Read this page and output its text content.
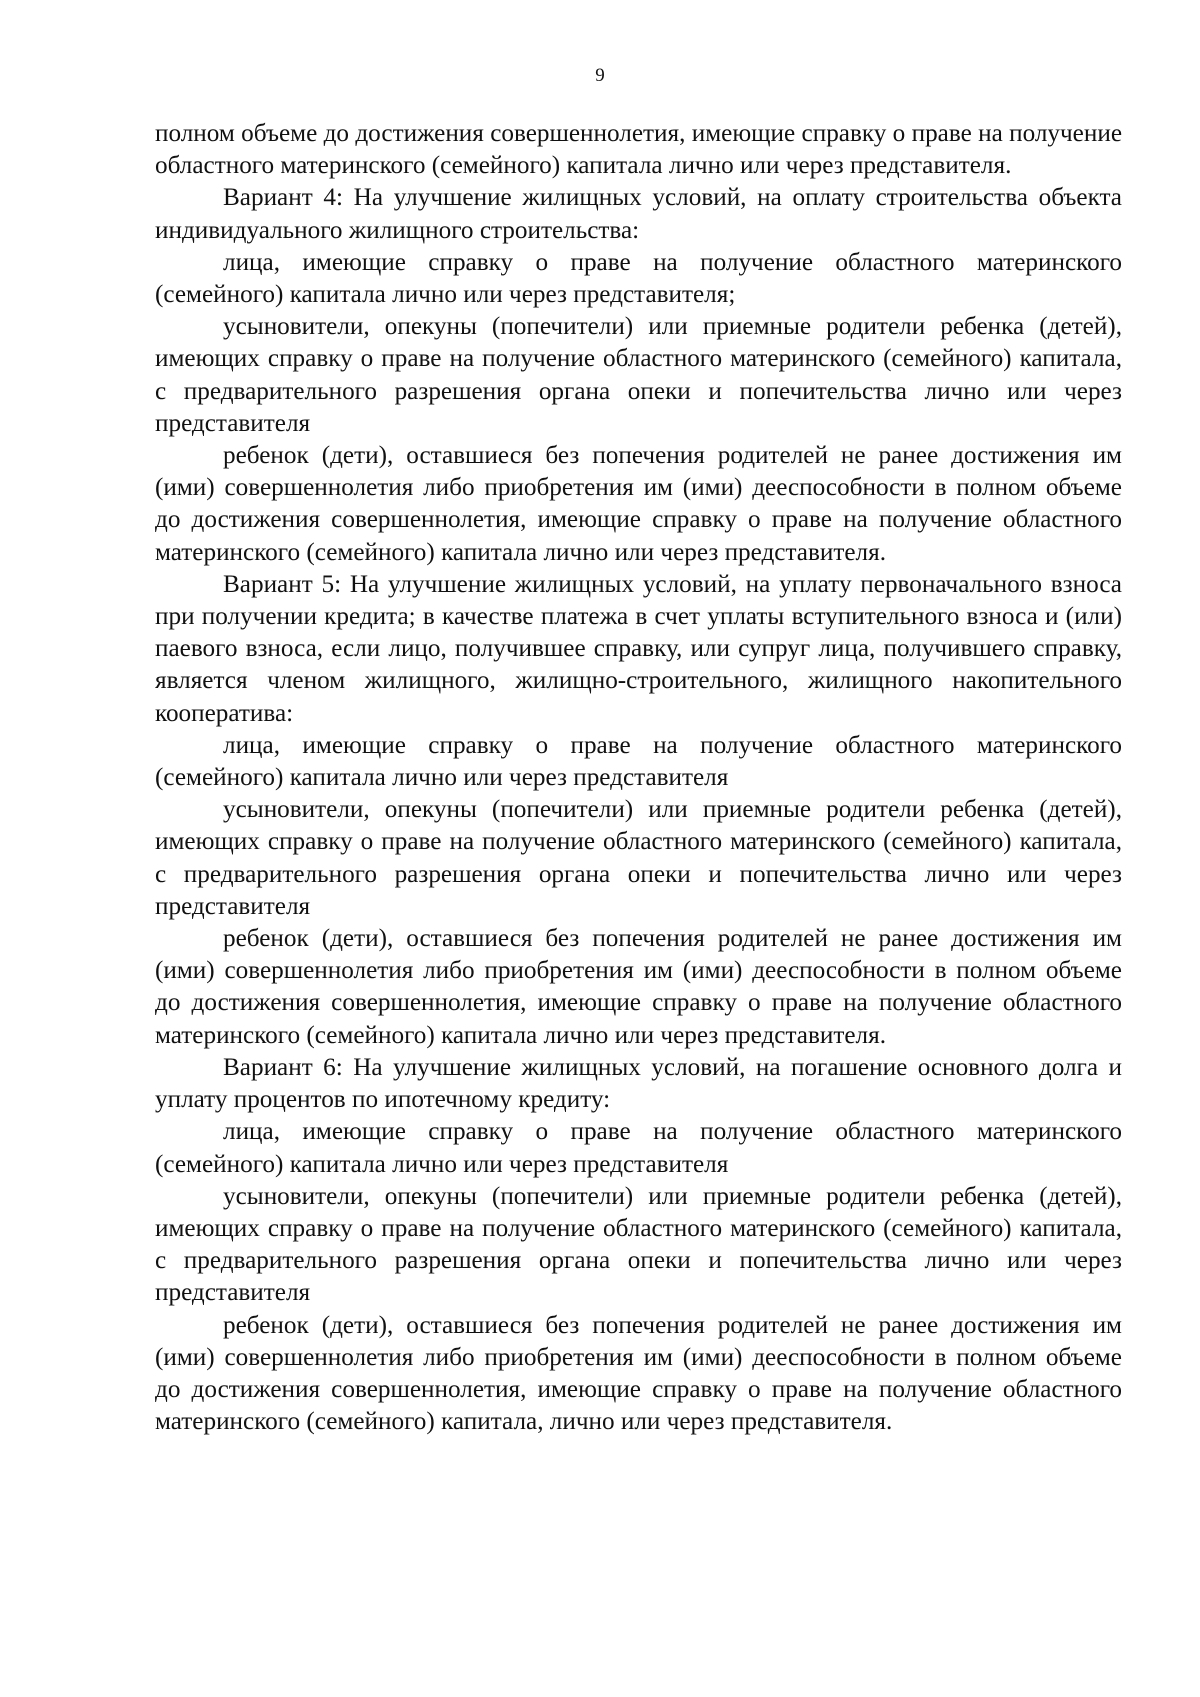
9

полном объеме до достижения совершеннолетия, имеющие справку о праве на получение областного материнского (семейного) капитала лично или через представителя.

Вариант 4: На улучшение жилищных условий, на оплату строительства объекта индивидуального жилищного строительства:

лица, имеющие справку о праве на получение областного материнского (семейного) капитала лично или через представителя;

усыновители, опекуны (попечители) или приемные родители ребенка (детей), имеющих справку о праве на получение областного материнского (семейного) капитала, с предварительного разрешения органа опеки и попечительства лично или через представителя

ребенок (дети), оставшиеся без попечения родителей не ранее достижения им (ими) совершеннолетия либо приобретения им (ими) дееспособности в полном объеме до достижения совершеннолетия, имеющие справку о праве на получение областного материнского (семейного) капитала лично или через представителя.

Вариант 5: На улучшение жилищных условий, на уплату первоначального взноса при получении кредита; в качестве платежа в счет уплаты вступительного взноса и (или) паевого взноса, если лицо, получившее справку, или супруг лица, получившего справку, является членом жилищного, жилищно-строительного, жилищного накопительного кооператива:

лица, имеющие справку о праве на получение областного материнского (семейного) капитала лично или через представителя

усыновители, опекуны (попечители) или приемные родители ребенка (детей), имеющих справку о праве на получение областного материнского (семейного) капитала, с предварительного разрешения органа опеки и попечительства лично или через представителя

ребенок (дети), оставшиеся без попечения родителей не ранее достижения им (ими) совершеннолетия либо приобретения им (ими) дееспособности в полном объеме до достижения совершеннолетия, имеющие справку о праве на получение областного материнского (семейного) капитала лично или через представителя.

Вариант 6: На улучшение жилищных условий, на погашение основного долга и уплату процентов по ипотечному кредиту:

лица, имеющие справку о праве на получение областного материнского (семейного) капитала лично или через представителя

усыновители, опекуны (попечители) или приемные родители ребенка (детей), имеющих справку о праве на получение областного материнского (семейного) капитала, с предварительного разрешения органа опеки и попечительства лично или через представителя

ребенок (дети), оставшиеся без попечения родителей не ранее достижения им (ими) совершеннолетия либо приобретения им (ими) дееспособности в полном объеме до достижения совершеннолетия, имеющие справку о праве на получение областного материнского (семейного) капитала, лично или через представителя.
